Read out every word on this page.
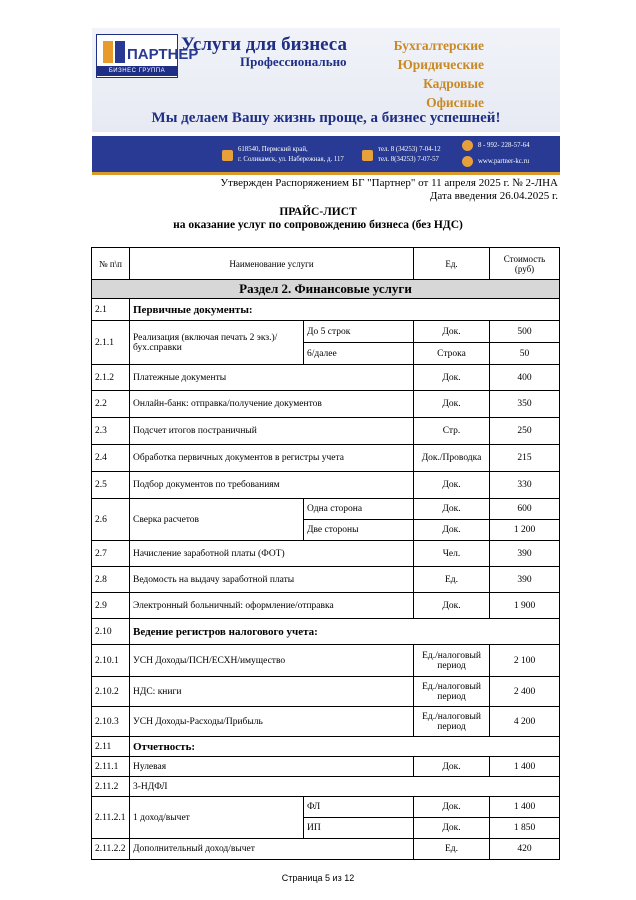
ПАРТНЕР
БИЗНЕС ГРУППА
Услуги для бизнеса
Профессионально
Бухгалтерские
Юридические
Кадровые
Офисные
Мы делаем Вашу жизнь проще, а бизнес успешней!
618540, Пермский край,
г. Соликамск, ул. Набережная, д. 117
тел. 8 (34253) 7-04-12
тел. 8(34253) 7-07-57
8 - 992- 228-57-64
www.partner-kc.ru
Утвержден Распоряжением БГ "Партнер" от 11 апреля 2025 г. № 2-ЛНА
Дата введения 26.04.2025 г.
ПРАЙС-ЛИСТ
на оказание услуг по сопровождению бизнеса (без НДС)
№ п\п	Наименование услуги		Ед.	Стоимость (руб)
Раздел 2. Финансовые услуги				
2.1	Первичные документы:			
2.1.1	Реализация (включая печать 2 экз.)/бух.справки	До 5 строк	Док.	500
		6/далее	Строка	50
2.1.2	Платежные документы		Док.	400
2.2	Онлайн-банк: отправка/получение документов		Док.	350
2.3	Подсчет итогов постраничный		Стр.	250
2.4	Обработка первичных документов в регистры учета		Док./Проводка	215
2.5	Подбор документов по требованиям		Док.	330
2.6	Сверка расчетов	Одна сторона	Док.	600
		Две стороны	Док.	1 200
2.7	Начисление заработной платы (ФОТ)		Чел.	390
2.8	Ведомость на выдачу заработной платы		Ед.	390
2.9	Электронный больничный: оформление/отправка		Док.	1 900
2.10	Ведение регистров налогового учета:			
2.10.1	УСН Доходы/ПСН/ЕСХН/имущество		Ед./налоговый период	2 100
2.10.2	НДС: книги		Ед./налоговый период	2 400
2.10.3	УСН Доходы-Расходы/Прибыль		Ед./налоговый период	4 200
2.11	Отчетность:			
2.11.1	Нулевая		Док.	1 400
2.11.2	3-НДФЛ			
2.11.2.1	1 доход/вычет	ФЛ	Док.	1 400
		ИП	Док.	1 850
2.11.2.2	Дополнительный доход/вычет		Ед.	420
Страница 5 из 12
